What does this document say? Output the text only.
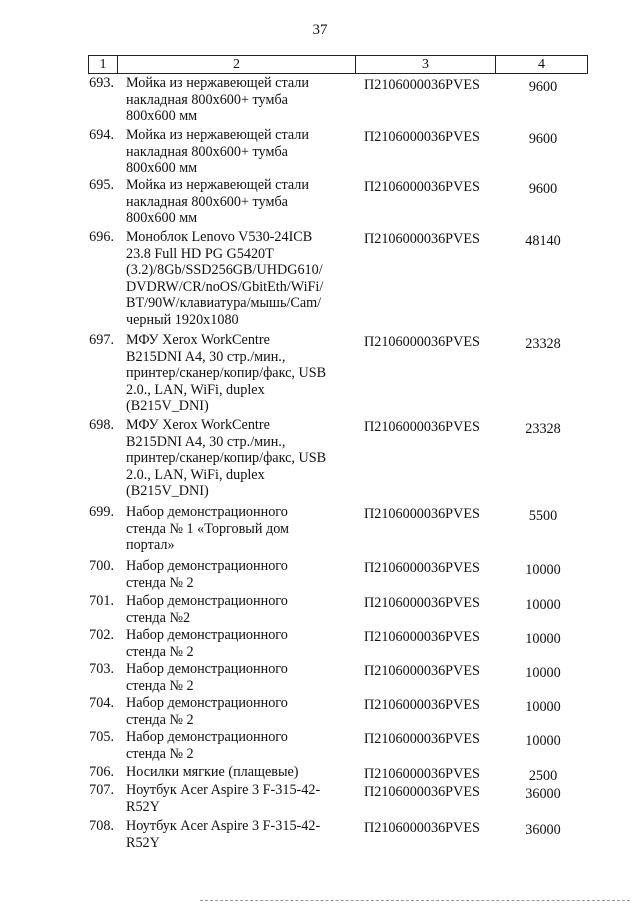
37
1	2	3	4
693. Мойка из нержавеющей стали
накладная 800x600+ тумба
800x600 мм
П2106000036PVES	9600
694. Мойка из нержавеющей стали
накладная 800x600+ тумба
800x600 мм
П2106000036PVES	9600
695. Мойка из нержавеющей стали
накладная 800x600+ тумба
800x600 мм
П2106000036PVES	9600
696. Моноблок Lenovo V530-24ICB
23.8 Full HD PG G5420T
(3.2)/8Gb/SSD256GB/UHDG610/
DVDRW/CR/noOS/GbitEth/WiFi/
BT/90W/клавиатура/мышь/Cam/
черный 1920x1080
П2106000036PVES	48140
697. МФУ Xerox WorkCentre
B215DNI A4, 30 стр./мин.,
принтер/сканер/копир/факс, USB
2.0., LAN, WiFi, duplex
(B215V_DNI)
П2106000036PVES	23328
698. МФУ Xerox WorkCentre
B215DNI A4, 30 стр./мин.,
принтер/сканер/копир/факс, USB
2.0., LAN, WiFi, duplex
(B215V_DNI)
П2106000036PVES	23328
699. Набор демонстрационного
стенда № 1 «Торговый дом
портал»
П2106000036PVES	5500
700. Набор демонстрационного
стенда № 2
П2106000036PVES	10000
701. Набор демонстрационного
стенда №2
П2106000036PVES	10000
702. Набор демонстрационного
стенда № 2
П2106000036PVES	10000
703. Набор демонстрационного
стенда № 2
П2106000036PVES	10000
704. Набор демонстрационного
стенда № 2
П2106000036PVES	10000
705. Набор демонстрационного
стенда № 2
П2106000036PVES	10000
706. Носилки мягкие (плащевые)	П2106000036PVES	2500
707. Ноутбук Acer Aspire 3 F-315-42-
R52Y
П2106000036PVES	36000
708. Ноутбук Acer Aspire 3 F-315-42-
R52Y
П2106000036PVES	36000
